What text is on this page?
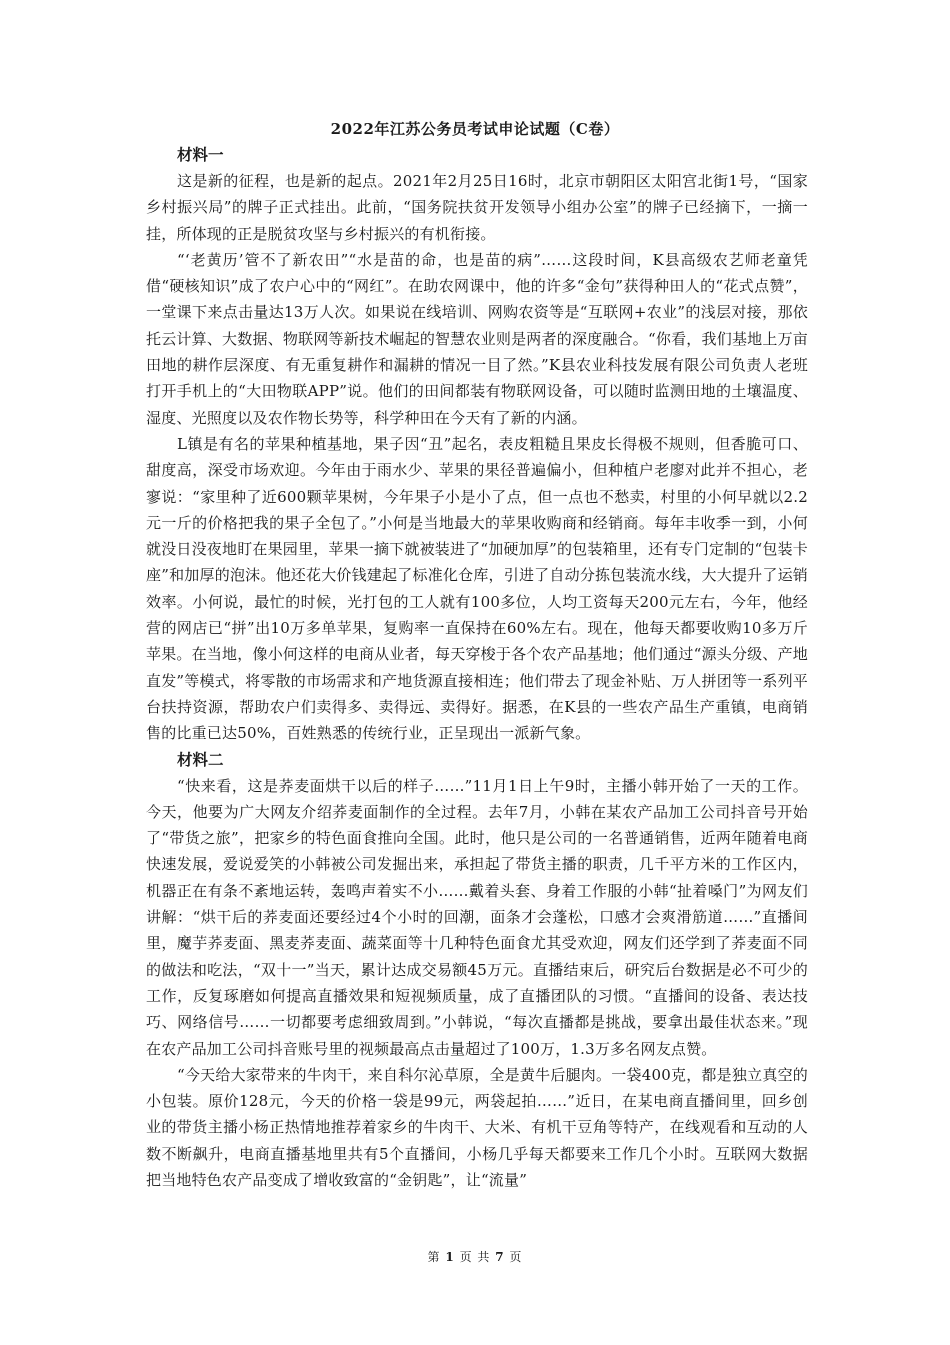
2022年江苏公务员考试申论试题（C卷）

材料一

这是新的征程，也是新的起点。2021年2月25日16时，北京市朝阳区太阳宫北街1号，“国家乡村振兴局”的牌子正式挂出。此前，“国务院扶贫开发领导小组办公室”的牌子已经摘下，一摘一挂，所体现的正是脱贫攻坚与乡村振兴的有机衔接。

“‘老黄历’管不了新农田”“水是苗的命，也是苗的病”……这段时间，K县高级农艺师老童凭借“硬核知识”成了农户心中的“网红”。在助农网课中，他的许多“金句”获得种田人的“花式点赞”，一堂课下来点击量达13万人次。如果说在线培训、网购农资等是“互联网+农业”的浅层对接，那依托云计算、大数据、物联网等新技术崛起的智慧农业则是两者的深度融合。“你看，我们基地上万亩田地的耕作层深度、有无重复耕作和漏耕的情况一目了然。”K县农业科技发展有限公司负责人老班打开手机上的“大田物联APP”说。他们的田间都装有物联网设备，可以随时监测田地的土壤温度、湿度、光照度以及农作物长势等，科学种田在今天有了新的内涵。

L镇是有名的苹果种植基地，果子因“丑”起名，表皮粗糙且果皮长得极不规则，但香脆可口、甜度高，深受市场欢迎。今年由于雨水少、苹果的果径普遍偏小，但种植户老廖对此并不担心，老寥说：“家里种了近600颗苹果树，今年果子小是小了点，但一点也不愁卖，村里的小何早就以2.2元一斤的价格把我的果子全包了。”小何是当地最大的苹果收购商和经销商。每年丰收季一到，小何就没日没夜地盯在果园里，苹果一摘下就被装进了“加硬加厚”的包装箱里，还有专门定制的“包装卡座”和加厚的泡沫。他还花大价钱建起了标准化仓库，引进了自动分拣包装流水线，大大提升了运销效率。小何说，最忙的时候，光打包的工人就有100多位，人均工资每天200元左右，今年，他经营的网店已“拼”出10万多单苹果，复购率一直保持在60%左右。现在，他每天都要收购10多万斤苹果。在当地，像小何这样的电商从业者，每天穿梭于各个农产品基地；他们通过“源头分级、产地直发”等模式，将零散的市场需求和产地货源直接相连；他们带去了现金补贴、万人拼团等一系列平台扶持资源，帮助农户们卖得多、卖得远、卖得好。据悉，在K县的一些农产品生产重镇，电商销售的比重已达50%，百姓熟悉的传统行业，正呈现出一派新气象。

材料二

“快来看，这是荞麦面烘干以后的样子……”11月1日上午9时，主播小韩开始了一天的工作。今天，他要为广大网友介绍荞麦面制作的全过程。去年7月，小韩在某农产品加工公司抖音号开始了“带货之旅”，把家乡的特色面食推向全国。此时，他只是公司的一名普通销售，近两年随着电商快速发展，爱说爱笑的小韩被公司发掘出来，承担起了带货主播的职责，几千平方米的工作区内，机器正在有条不紊地运转，轰鸣声着实不小……戴着头套、身着工作服的小韩“扯着嗓门”为网友们讲解：“烘干后的荞麦面还要经过4个小时的回潮，面条才会蓬松，口感才会爽滑筋道……”直播间里，魔芋荞麦面、黑麦荞麦面、蔬菜面等十几种特色面食尤其受欢迎，网友们还学到了荞麦面不同的做法和吃法，“双十一”当天，累计达成交易额45万元。直播结束后，研究后台数据是必不可少的工作，反复琢磨如何提高直播效果和短视频质量，成了直播团队的习惯。“直播间的设备、表达技巧、网络信号……一切都要考虑细致周到。”小韩说，“每次直播都是挑战，要拿出最佳状态来。”现在农产品加工公司抖音账号里的视频最高点击量超过了100万，1.3万多名网友点赞。

“今天给大家带来的牛肉干，来自科尔沁草原，全是黄牛后腿肉。一袋400克，都是独立真空的小包装。原价128元，今天的价格一袋是99元，两袋起拍……”近日，在某电商直播间里，回乡创业的带货主播小杨正热情地推荐着家乡的牛肉干、大米、有机干豆角等特产，在线观看和互动的人数不断飙升，电商直播基地里共有5个直播间，小杨几乎每天都要来工作几个小时。互联网大数据把当地特色农产品变成了增收致富的“金钥匙”，让“流量”

第 1 页 共 7 页
